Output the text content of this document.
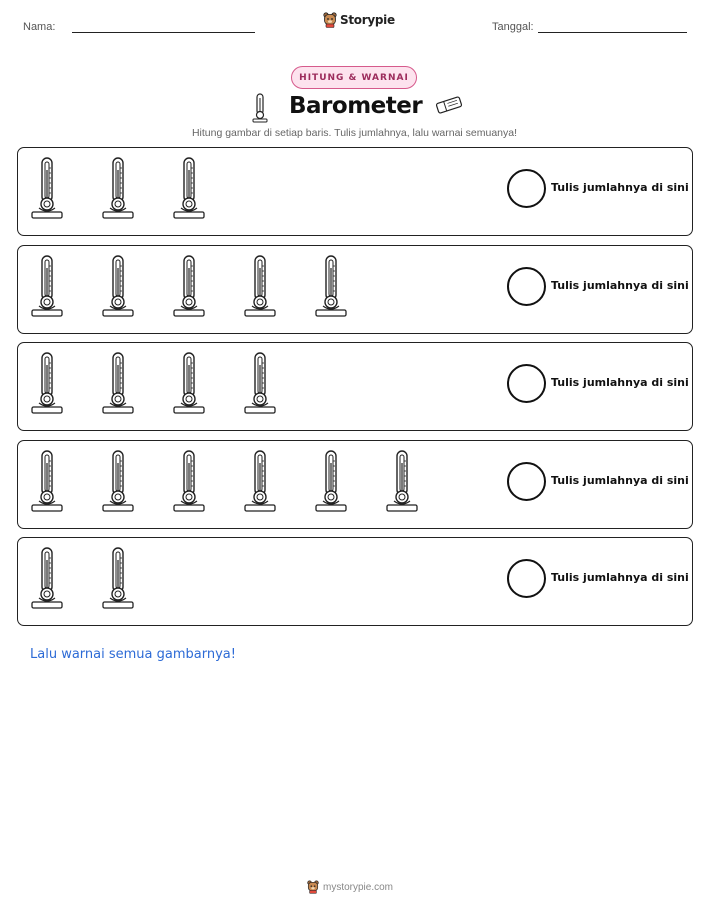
Nama:	Storypie	Tanggal:
HITUNG & WARNAI
Barometer
Hitung gambar di setiap baris. Tulis jumlahnya, lalu warnai semuanya!
Tulis jumlahnya di sini
Tulis jumlahnya di sini
Tulis jumlahnya di sini
Tulis jumlahnya di sini
Tulis jumlahnya di sini
Lalu warnai semua gambarnya!
mystorypie.com
